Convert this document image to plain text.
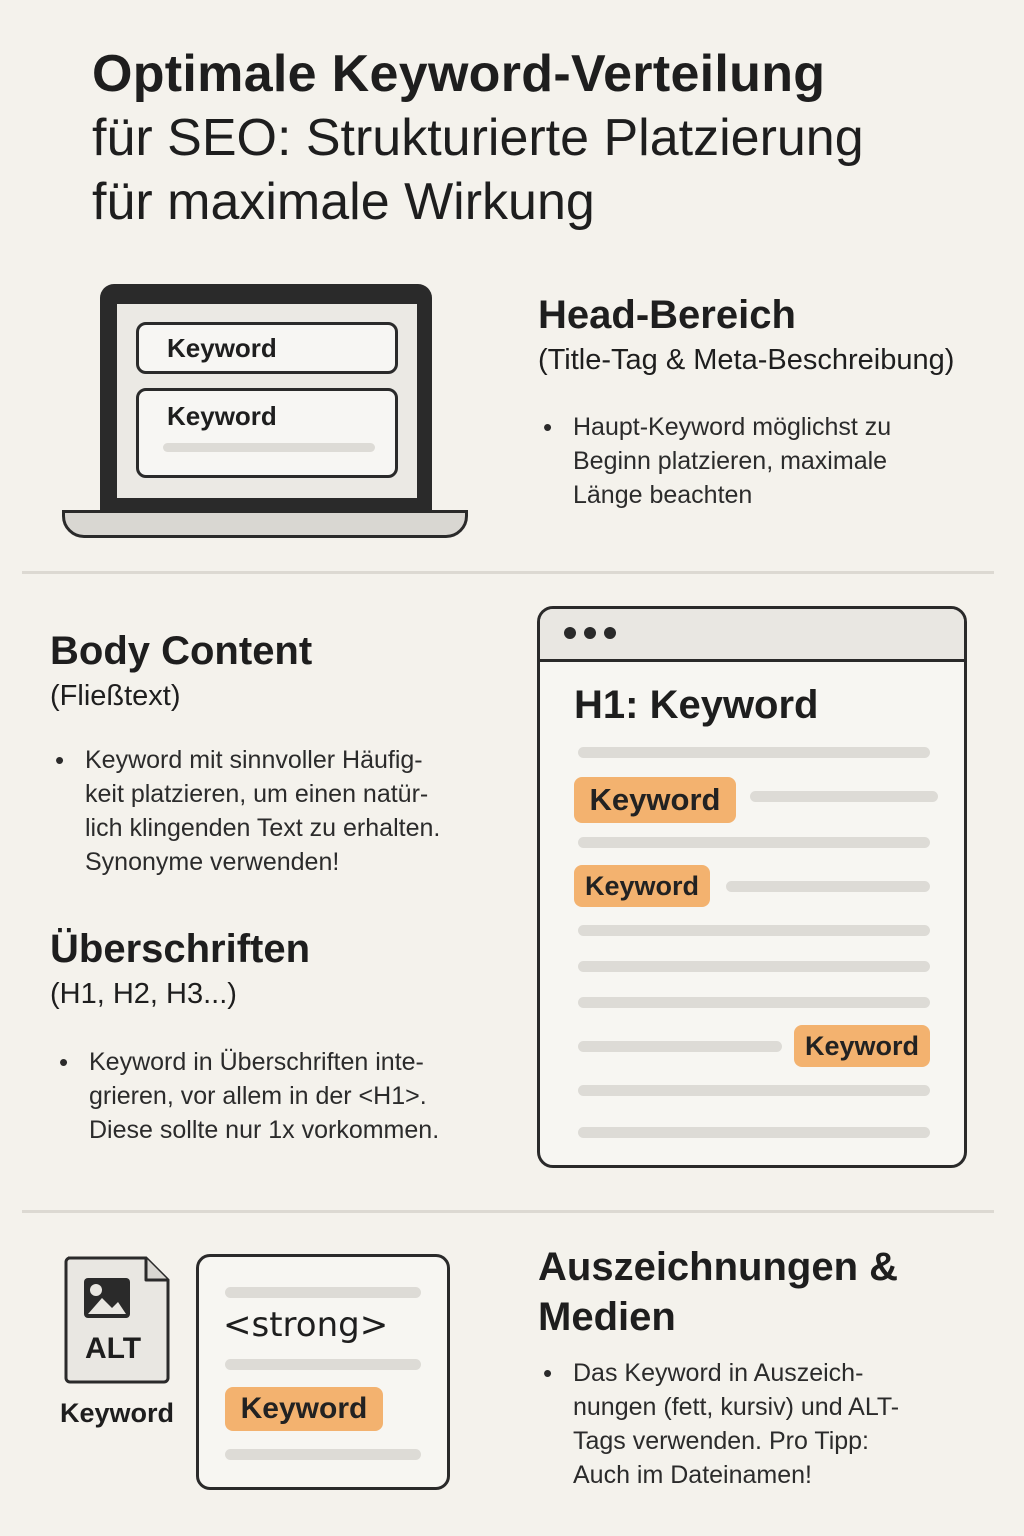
Optimale Keyword-Verteilung
für SEO: Strukturierte Platzierung
für maximale Wirkung
Keyword
Keyword
Head-Bereich
(Title-Tag & Meta-Beschreibung)
• Haupt-Keyword möglichst zu
Beginn platzieren, maximale
Länge beachten
Body Content
(Fließtext)
• Keyword mit sinnvoller Häufig-
keit platzieren, um einen natür-
lich klingenden Text zu erhalten.
Synonyme verwenden!
Überschriften
(H1, H2, H3...)
• Keyword in Überschriften inte-
grieren, vor allem in der <H1>.
Diese sollte nur 1x vorkommen.
H1: Keyword
Keyword
Keyword
Keyword
ALT
Keyword
<strong>
Keyword
Auszeichnungen &
Medien
• Das Keyword in Auszeich-
nungen (fett, kursiv) und ALT-
Tags verwenden. Pro Tipp:
Auch im Dateinamen!
